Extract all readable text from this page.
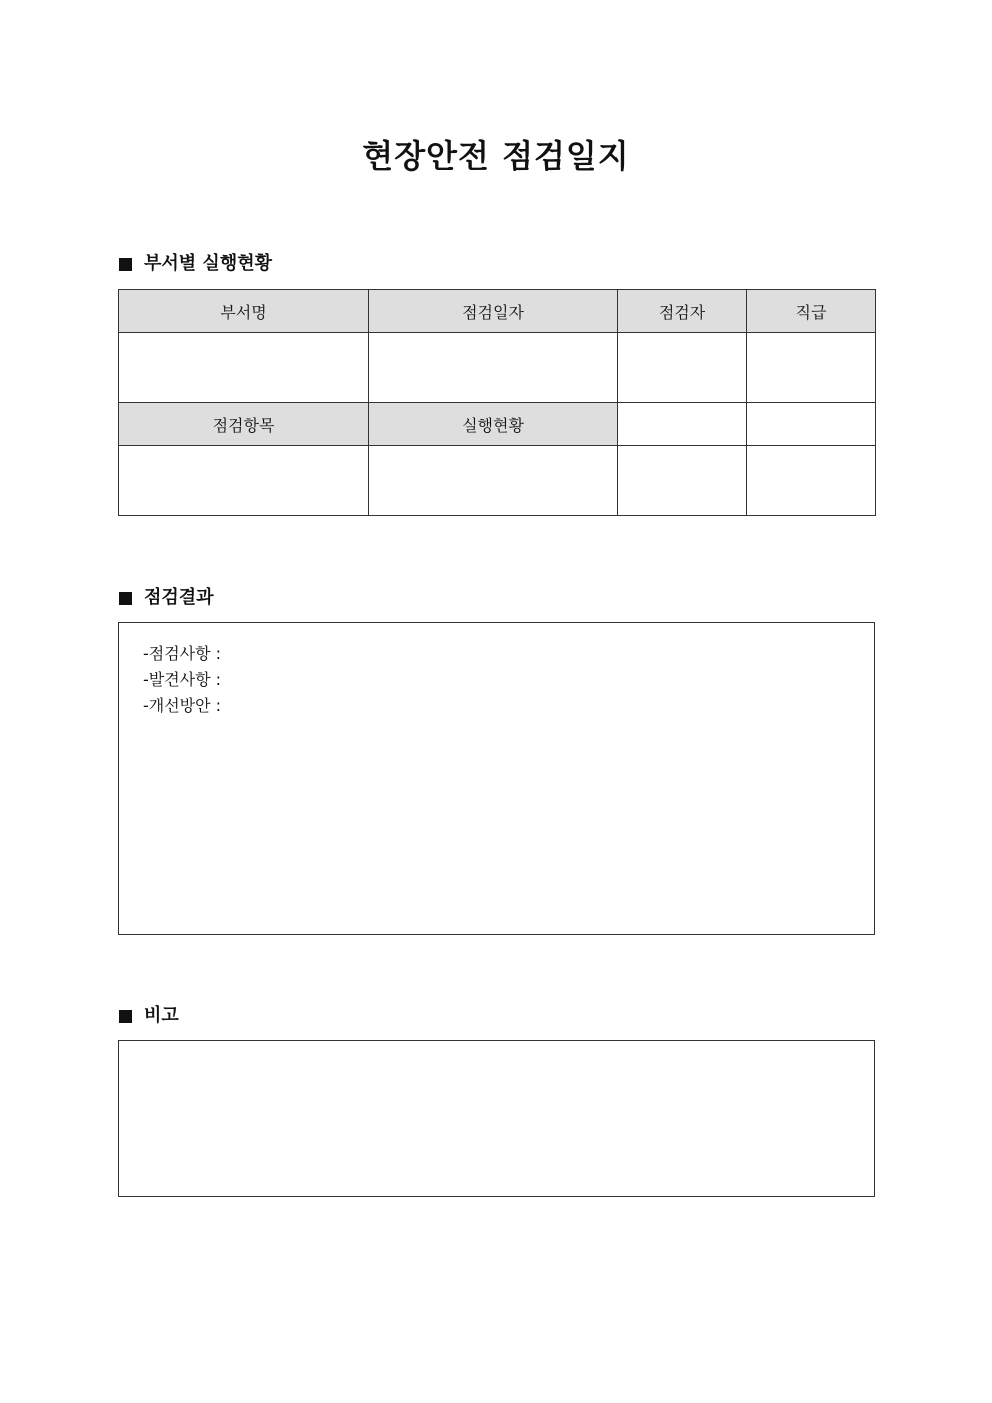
현장안전 점검일지
부서별 실행현황
부서명	점검일자	점검자	직급

점검항목	실행현황		

점검결과
-점검사항 :
-발견사항 :
-개선방안 :
비고
